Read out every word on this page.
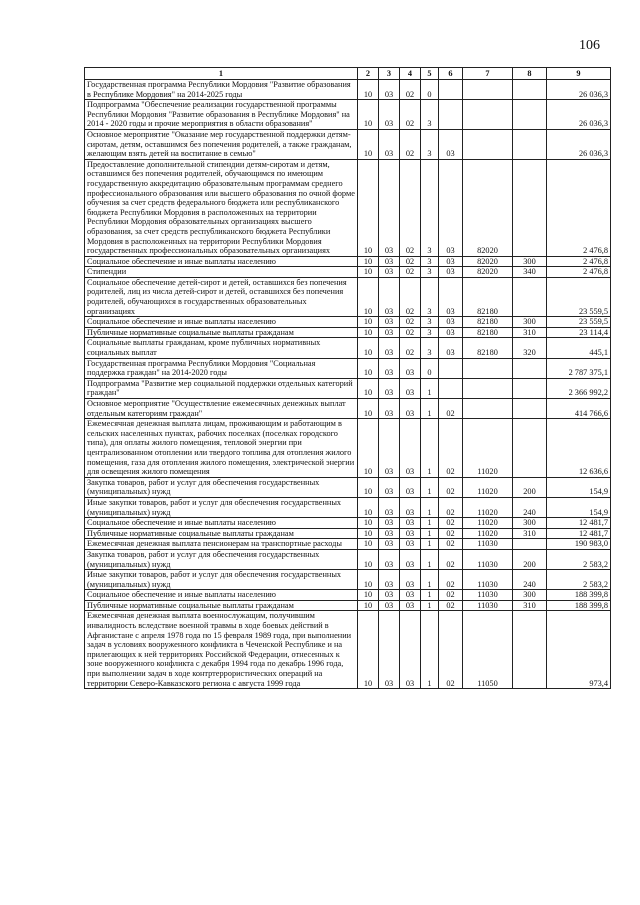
106
1	2	3	4	5	6	7	8	9
Государственная программа Республики Мордовия "Развитие образования в Республике Мордовия" на 2014-2025 годы	10	03	02	0				26 036,3
Подпрограмма "Обеспечение реализации государственной программы Республики Мордовия "Развитие образования в Республике Мордовия" на 2014 - 2020 годы и прочие мероприятия в области образования"	10	03	02	3				26 036,3
Основное мероприятие "Оказание мер государственной поддержки детям-сиротам, детям, оставшимся без попечения родителей, а также гражданам, желающим взять детей на воспитание в семью"	10	03	02	3	03			26 036,3
Предоставление дополнительной стипендии детям-сиротам и детям, оставшимся без попечения родителей, обучающимся по имеющим государственную аккредитацию образовательным программам среднего профессионального образования или высшего образования по очной форме обучения за счет средств федерального бюджета или республиканского бюджета Республики Мордовия в расположенных на территории Республики Мордовия образовательных организациях высшего образования, за счет средств республиканского бюджета Республики Мордовия в расположенных на территории Республики Мордовия государственных профессиональных образовательных организациях	10	03	02	3	03	82020		2 476,8
Социальное обеспечение и иные выплаты населению	10	03	02	3	03	82020	300	2 476,8
Стипендии	10	03	02	3	03	82020	340	2 476,8
Социальное обеспечение детей-сирот и детей, оставшихся без попечения родителей, лиц из числа детей-сирот и детей, оставшихся без попечения родителей, обучающихся в государственных образовательных организациях	10	03	02	3	03	82180		23 559,5
Социальное обеспечение и иные выплаты населению	10	03	02	3	03	82180	300	23 559,5
Публичные нормативные социальные выплаты гражданам	10	03	02	3	03	82180	310	23 114,4
Социальные выплаты гражданам, кроме публичных нормативных социальных выплат	10	03	02	3	03	82180	320	445,1
Государственная программа Республики Мордовия "Социальная поддержка граждан" на 2014-2020 годы	10	03	03	0				2 787 375,1
Подпрограмма "Развитие мер социальной поддержки отдельных категорий граждан"	10	03	03	1				2 366 992,2
Основное мероприятие "Осуществление ежемесячных денежных выплат отдельным категориям граждан"	10	03	03	1	02			414 766,6
Ежемесячная денежная выплата лицам, проживающим и работающим в сельских населенных пунктах, рабочих поселках (поселках городского типа), для оплаты жилого помещения, тепловой энергии при централизованном отоплении или твердого топлива для отопления жилого помещения, газа для отопления жилого помещения, электрической энергии для освещения жилого помещения	10	03	03	1	02	11020		12 636,6
Закупка товаров, работ и услуг для обеспечения государственных (муниципальных) нужд	10	03	03	1	02	11020	200	154,9
Иные закупки товаров, работ и услуг для обеспечения государственных (муниципальных) нужд	10	03	03	1	02	11020	240	154,9
Социальное обеспечение и иные выплаты населению	10	03	03	1	02	11020	300	12 481,7
Публичные нормативные социальные выплаты гражданам	10	03	03	1	02	11020	310	12 481,7
Ежемесячная денежная выплата пенсионерам на транспортные расходы	10	03	03	1	02	11030		190 983,0
Закупка товаров, работ и услуг для обеспечения государственных (муниципальных) нужд	10	03	03	1	02	11030	200	2 583,2
Иные закупки товаров, работ и услуг для обеспечения государственных (муниципальных) нужд	10	03	03	1	02	11030	240	2 583,2
Социальное обеспечение и иные выплаты населению	10	03	03	1	02	11030	300	188 399,8
Публичные нормативные социальные выплаты гражданам	10	03	03	1	02	11030	310	188 399,8
Ежемесячная денежная выплата военнослужащим, получившим инвалидность вследствие военной травмы в ходе боевых действий в Афганистане с апреля 1978 года по 15 февраля 1989 года, при выполнении задач в условиях вооруженного конфликта в Чеченской Республике и на прилегающих к ней территориях Российской Федерации, отнесенных к зоне вооруженного конфликта с декабря 1994 года по декабрь 1996 года, при выполнении задач в ходе контртеррористических операций на территории Северо-Кавказского региона с августа 1999 года	10	03	03	1	02	11050		973,4
